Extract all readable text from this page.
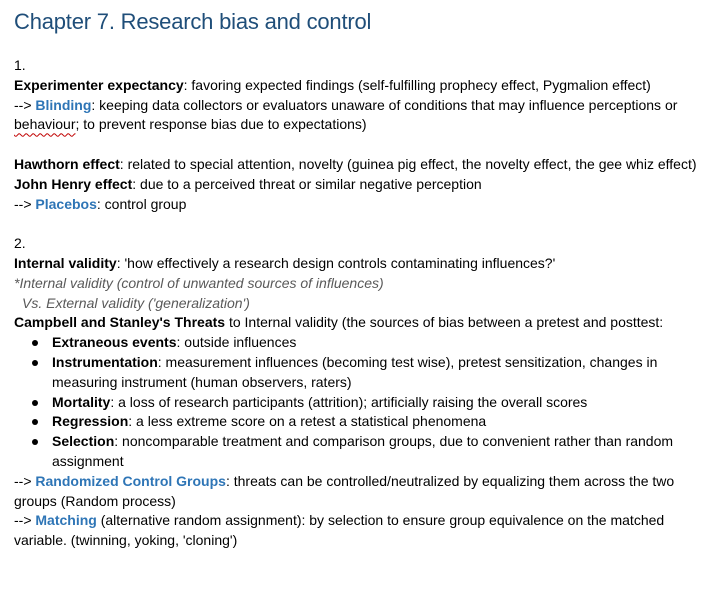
Chapter 7. Research bias and control
1.
Experimenter expectancy: favoring expected findings (self-fulfilling prophecy effect, Pygmalion effect)
--> Blinding: keeping data collectors or evaluators unaware of conditions that may influence perceptions or behaviour; to prevent response bias due to expectations)
Hawthorn effect: related to special attention, novelty (guinea pig effect, the novelty effect, the gee whiz effect)
John Henry effect: due to a perceived threat or similar negative perception
--> Placebos: control group
2.
Internal validity: 'how effectively a research design controls contaminating influences?'
*Internal validity (control of unwanted sources of influences)
Vs. External validity ('generalization')
Campbell and Stanley's Threats to Internal validity (the sources of bias between a pretest and posttest:
Extraneous events: outside influences
Instrumentation: measurement influences (becoming test wise), pretest sensitization, changes in measuring instrument (human observers, raters)
Mortality: a loss of research participants (attrition); artificially raising the overall scores
Regression: a less extreme score on a retest a statistical phenomena
Selection: noncomparable treatment and comparison groups, due to convenient rather than random assignment
--> Randomized Control Groups: threats can be controlled/neutralized by equalizing them across the two groups (Random process)
--> Matching (alternative random assignment): by selection to ensure group equivalence on the matched variable. (twinning, yoking, 'cloning')
